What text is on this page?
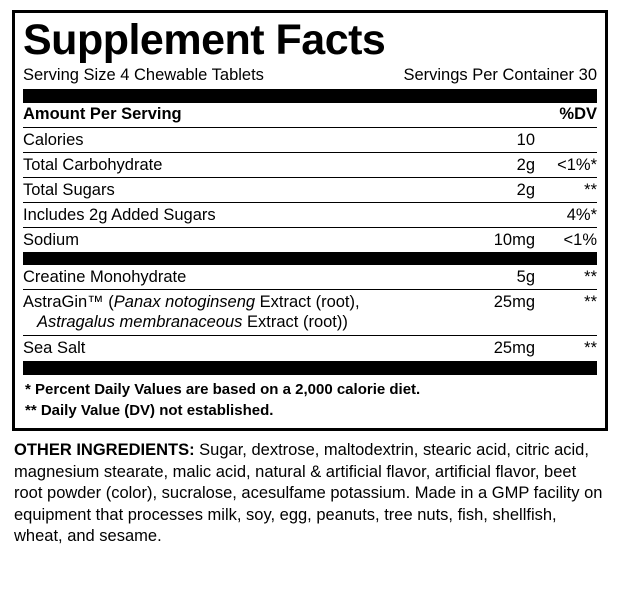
Supplement Facts
Serving Size 4 Chewable Tablets	Servings Per Container 30
Amount Per Serving		%DV
Calories	10	
Total Carbohydrate	2g	<1%*
Total Sugars	2g	**
Includes 2g Added Sugars		4%*
Sodium	10mg	<1%
Creatine Monohydrate	5g	**
AstraGin™ (Panax notoginseng Extract (root),
Astragalus membranaceous Extract (root))	25mg	**
Sea Salt	25mg	**
* Percent Daily Values are based on a 2,000 calorie diet.
** Daily Value (DV) not established.
OTHER INGREDIENTS: Sugar, dextrose, maltodextrin, stearic acid, citric acid, magnesium stearate, malic acid, natural & artificial flavor, artificial flavor, beet root powder (color), sucralose, acesulfame potassium. Made in a GMP facility on equipment that processes milk, soy, egg, peanuts, tree nuts, fish, shellfish, wheat, and sesame.
